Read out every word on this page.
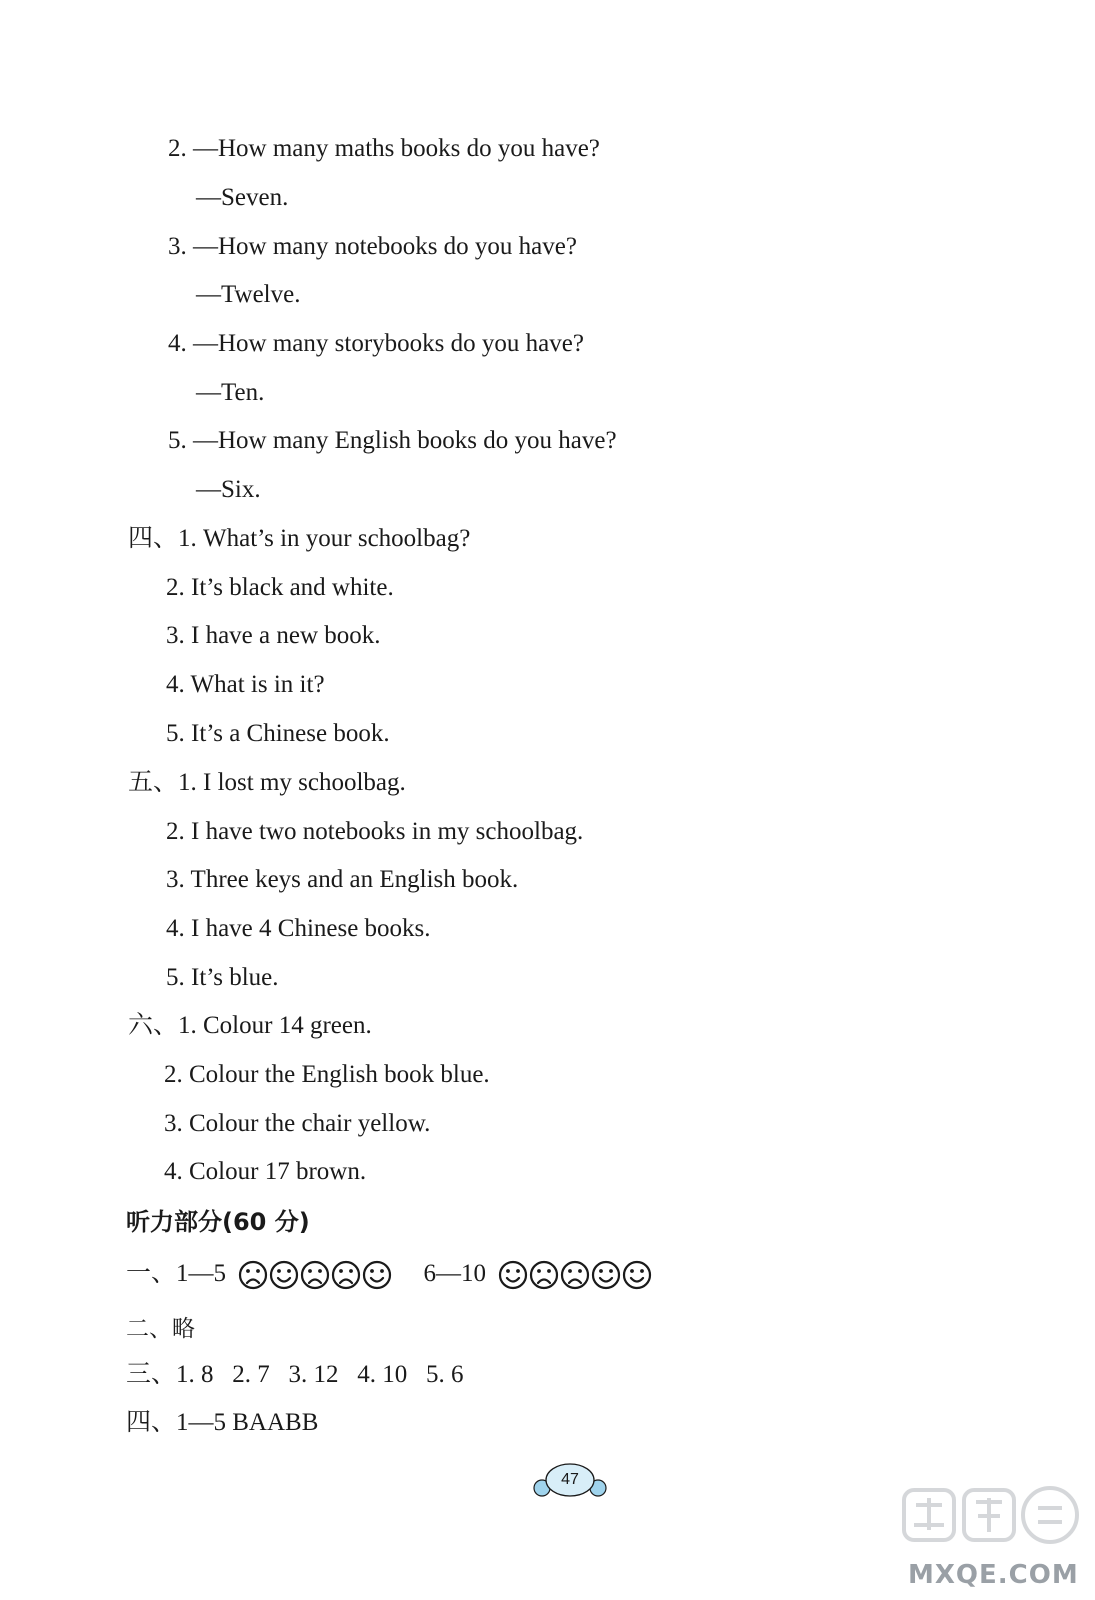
2. —How many maths books do you have?
—Seven.
3. —How many notebooks do you have?
—Twelve.
4. —How many storybooks do you have?
—Ten.
5. —How many English books do you have?
—Six.
四、1. What’s in your schoolbag?
2. It’s black and white.
3. I have a new book.
4. What is in it?
5. It’s a Chinese book.
五、1. I lost my schoolbag.
2. I have two notebooks in my schoolbag.
3. Three keys and an English book.
4. I have 4 Chinese books.
5. It’s blue.
六、1. Colour 14 green.
2. Colour the English book blue.
3. Colour the chair yellow.
4. Colour 17 brown.
听力部分(60 分)
一、1—5	6—10
二、略
三、1. 8   2. 7   3. 12   4. 10   5. 6
四、1—5 BAABB
47
MXQE.COM
